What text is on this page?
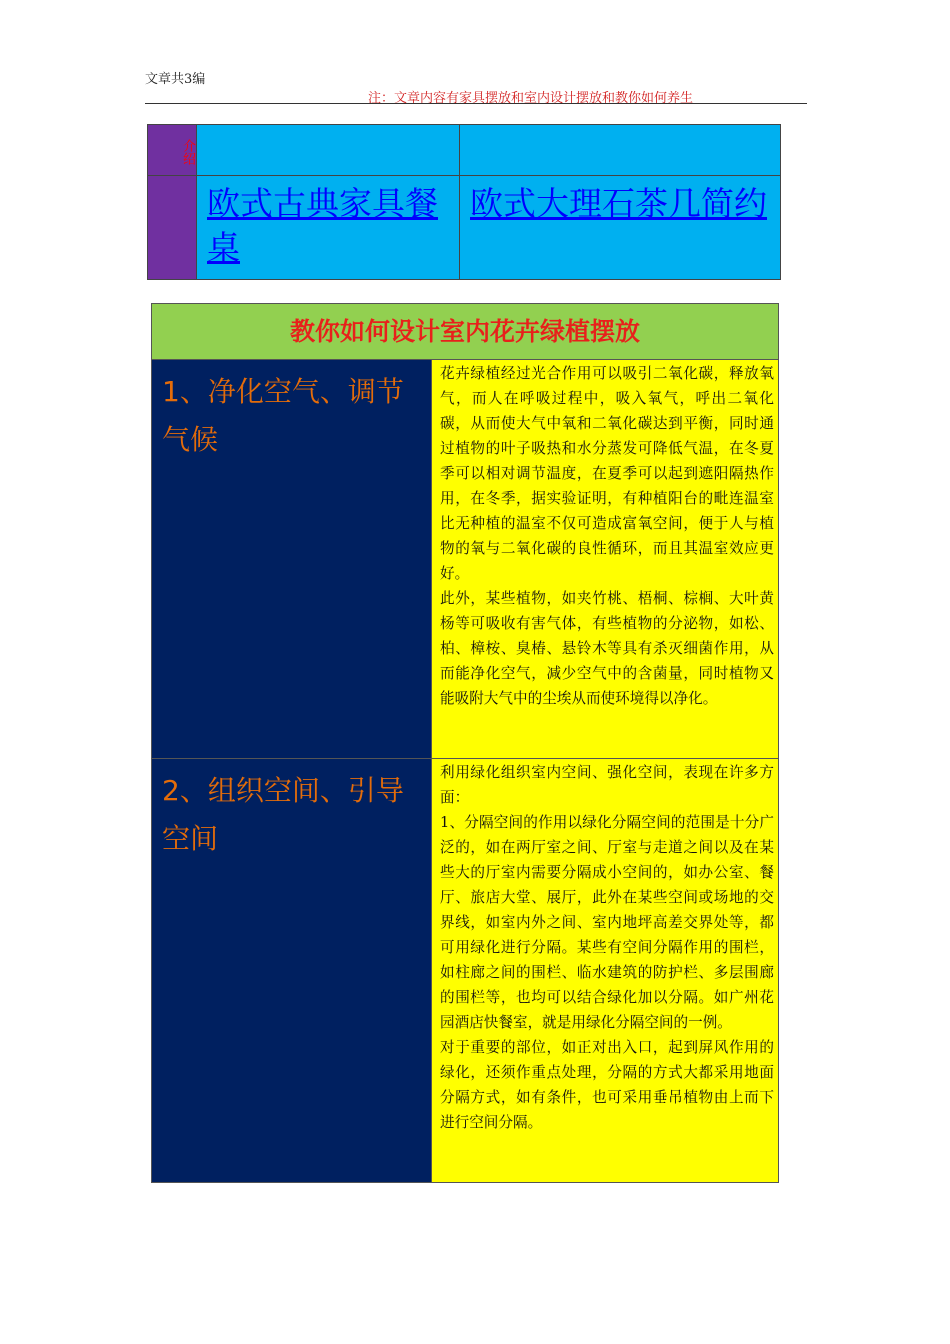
文章共3编
注：文章内容有家具摆放和室内设计摆放和教你如何养生
介绍
欧式古典家具餐桌
欧式大理石茶几简约
教你如何设计室内花卉绿植摆放
1、净化空气、调节气候

花卉绿植经过光合作用可以吸引二氧化碳，释放氧气，而人在呼吸过程中，吸入氧气，呼出二氧化碳，从而使大气中氧和二氧化碳达到平衡，同时通过植物的叶子吸热和水分蒸发可降低气温，在冬夏季可以相对调节温度，在夏季可以起到遮阳隔热作用，在冬季，据实验证明，有种植阳台的毗连温室比无种植的温室不仅可造成富氧空间，便于人与植物的氧与二氧化碳的良性循环，而且其温室效应更好。

此外，某些植物，如夹竹桃、梧桐、棕榈、大叶黄杨等可吸收有害气体，有些植物的分泌物，如松、柏、樟桉、臭椿、悬铃木等具有杀灭细菌作用，从而能净化空气，减少空气中的含菌量，同时植物又能吸附大气中的尘埃从而使环境得以净化。

2、组织空间、引导空间

利用绿化组织室内空间、强化空间，表现在许多方面：

1、分隔空间的作用以绿化分隔空间的范围是十分广泛的，如在两厅室之间、厅室与走道之间以及在某些大的厅室内需要分隔成小空间的，如办公室、餐厅、旅店大堂、展厅，此外在某些空间或场地的交界线，如室内外之间、室内地坪高差交界处等，都可用绿化进行分隔。某些有空间分隔作用的围栏，如柱廊之间的围栏、临水建筑的防护栏、多层围廊的围栏等，也均可以结合绿化加以分隔。如广州花园酒店快餐室，就是用绿化分隔空间的一例。

对于重要的部位，如正对出入口，起到屏风作用的绿化，还须作重点处理，分隔的方式大都采用地面分隔方式，如有条件，也可采用垂吊植物由上而下进行空间分隔。
